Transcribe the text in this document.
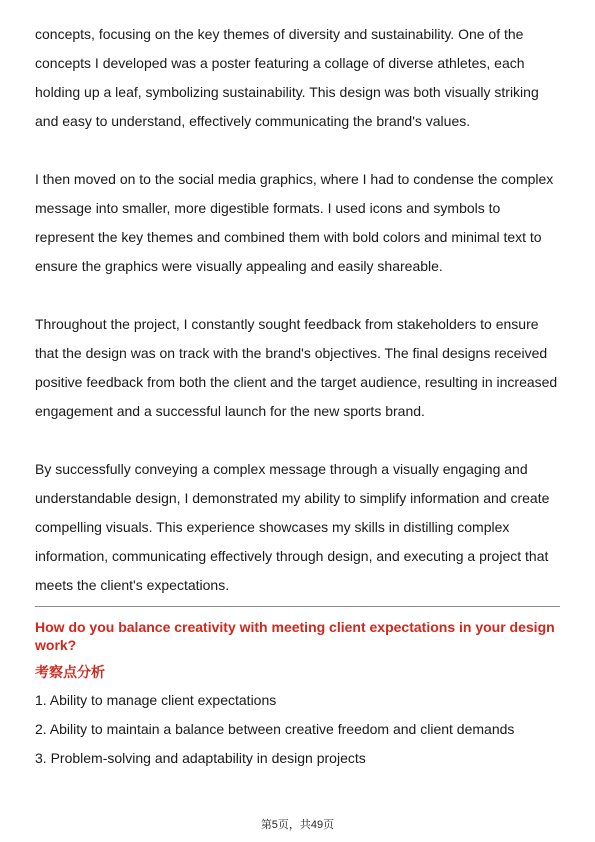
concepts, focusing on the key themes of diversity and sustainability. One of the concepts I developed was a poster featuring a collage of diverse athletes, each holding up a leaf, symbolizing sustainability. This design was both visually striking and easy to understand, effectively communicating the brand's values.

I then moved on to the social media graphics, where I had to condense the complex message into smaller, more digestible formats. I used icons and symbols to represent the key themes and combined them with bold colors and minimal text to ensure the graphics were visually appealing and easily shareable.

Throughout the project, I constantly sought feedback from stakeholders to ensure that the design was on track with the brand's objectives. The final designs received positive feedback from both the client and the target audience, resulting in increased engagement and a successful launch for the new sports brand.

By successfully conveying a complex message through a visually engaging and understandable design, I demonstrated my ability to simplify information and create compelling visuals. This experience showcases my skills in distilling complex information, communicating effectively through design, and executing a project that meets the client's expectations.

How do you balance creativity with meeting client expectations in your design work?

考察点分析

1. Ability to manage client expectations
2. Ability to maintain a balance between creative freedom and client demands
3. Problem-solving and adaptability in design projects
第5页，共49页
